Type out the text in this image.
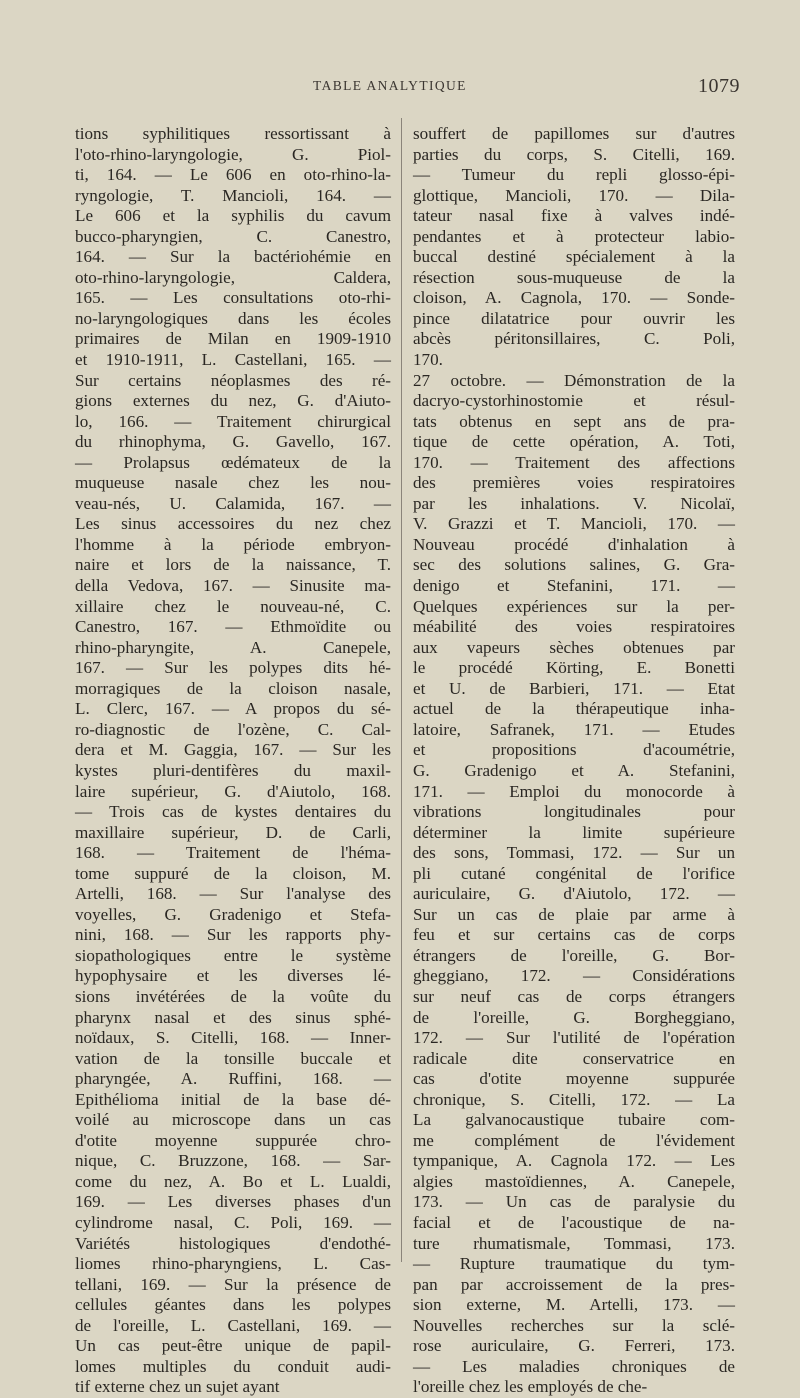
TABLE ANALYTIQUE	1079
tions syphilitiques ressortissant à
l'oto-rhino-laryngologie, G. Piol-
ti, 164. — Le 606 en oto-rhino-la-
ryngologie, T. Mancioli, 164. —
Le 606 et la syphilis du cavum
bucco-pharyngien, C. Canestro,
164. — Sur la bactériohémie en
oto-rhino-laryngologie, Caldera,
165. — Les consultations oto-rhi-
no-laryngologiques dans les écoles
primaires de Milan en 1909-1910
et 1910-1911, L. Castellani, 165. —
Sur certains néoplasmes des ré-
gions externes du nez, G. d'Aiuto-
lo, 166. — Traitement chirurgical
du rhinophyma, G. Gavello, 167.
— Prolapsus œdémateux de la
muqueuse nasale chez les nou-
veau-nés, U. Calamida, 167. —
Les sinus accessoires du nez chez
l'homme à la période embryon-
naire et lors de la naissance, T.
della Vedova, 167. — Sinusite ma-
xillaire chez le nouveau-né, C.
Canestro, 167. — Ethmoïdite ou
rhino-pharyngite, A. Canepele,
167. — Sur les polypes dits hé-
morragiques de la cloison nasale,
L. Clerc, 167. — A propos du sé-
ro-diagnostic de l'ozène, C. Cal-
dera et M. Gaggia, 167. — Sur les
kystes pluri-dentifères du maxil-
laire supérieur, G. d'Aiutolo, 168.
— Trois cas de kystes dentaires du
maxillaire supérieur, D. de Carli,
168. — Traitement de l'héma-
tome suppuré de la cloison, M.
Artelli, 168. — Sur l'analyse des
voyelles, G. Gradenigo et Stefa-
nini, 168. — Sur les rapports phy-
siopathologiques entre le système
hypophysaire et les diverses lé-
sions invétérées de la voûte du
pharynx nasal et des sinus sphé-
noïdaux, S. Citelli, 168. — Inner-
vation de la tonsille buccale et
pharyngée, A. Ruffini, 168. —
Epithélioma initial de la base dé-
voilé au microscope dans un cas
d'otite moyenne suppurée chro-
nique, C. Bruzzone, 168. — Sar-
come du nez, A. Bo et L. Lualdi,
169. — Les diverses phases d'un
cylindrome nasal, C. Poli, 169. —
Variétés histologiques d'endothé-
liomes rhino-pharyngiens, L. Cas-
tellani, 169. — Sur la présence de
cellules géantes dans les polypes
de l'oreille, L. Castellani, 169. —
Un cas peut-être unique de papil-
lomes multiples du conduit audi-
tif externe chez un sujet ayant
souffert de papillomes sur d'autres
parties du corps, S. Citelli, 169.
— Tumeur du repli glosso-épi-
glottique, Mancioli, 170. — Dila-
tateur nasal fixe à valves indé-
pendantes et à protecteur labio-
buccal destiné spécialement à la
résection sous-muqueuse de la
cloison, A. Cagnola, 170. — Sonde-
pince dilatatrice pour ouvrir les
abcès péritonsillaires, C. Poli,
170.
27 octobre. — Démonstration de la
dacryo-cystorhinostomie et résul-
tats obtenus en sept ans de pra-
tique de cette opération, A. Toti,
170. — Traitement des affections
des premières voies respiratoires
par les inhalations. V. Nicolaï,
V. Grazzi et T. Mancioli, 170. —
Nouveau procédé d'inhalation à
sec des solutions salines, G. Gra-
denigo et Stefanini, 171. —
Quelques expériences sur la per-
méabilité des voies respiratoires
aux vapeurs sèches obtenues par
le procédé Körting, E. Bonetti
et U. de Barbieri, 171. — Etat
actuel de la thérapeutique inha-
latoire, Safranek, 171. — Etudes
et propositions d'acoumétrie,
G. Gradenigo et A. Stefanini,
171. — Emploi du monocorde à
vibrations longitudinales pour
déterminer la limite supérieure
des sons, Tommasi, 172. — Sur un
pli cutané congénital de l'orifice
auriculaire, G. d'Aiutolo, 172. —
Sur un cas de plaie par arme à
feu et sur certains cas de corps
étrangers de l'oreille, G. Bor-
gheggiano, 172. — Considérations
sur neuf cas de corps étrangers
de l'oreille, G. Borgheggiano,
172. — Sur l'utilité de l'opération
radicale dite conservatrice en
cas d'otite moyenne suppurée
chronique, S. Citelli, 172. — La
La galvanocaustique tubaire com-
me complément de l'évidement
tympanique, A. Cagnola 172. — Les
algies mastoïdiennes, A. Canepele,
173. — Un cas de paralysie du
facial et de l'acoustique de na-
ture rhumatismale, Tommasi, 173.
— Rupture traumatique du tym-
pan par accroissement de la pres-
sion externe, M. Artelli, 173. —
Nouvelles recherches sur la sclé-
rose auriculaire, G. Ferreri, 173.
— Les maladies chroniques de
l'oreille chez les employés de che-
